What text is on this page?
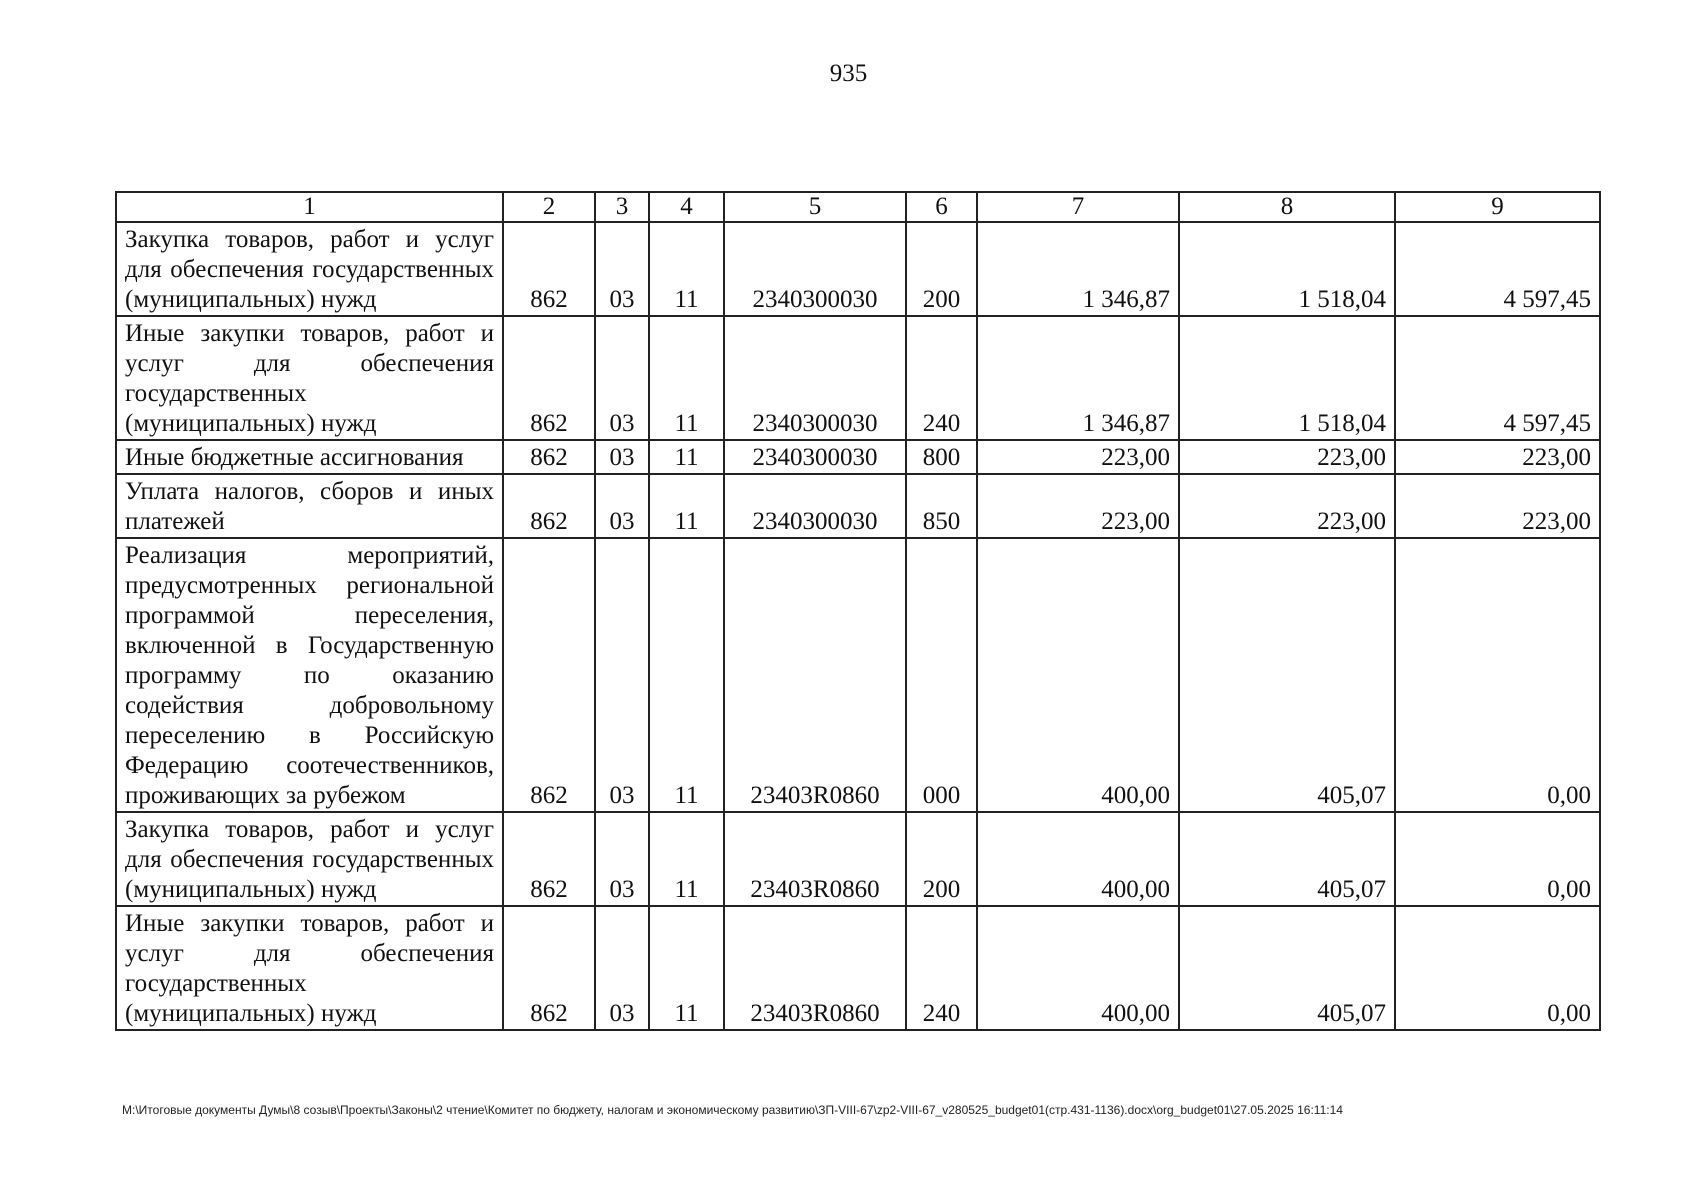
935
1	2	3	4	5	6	7	8	9
Закупка товаров, работ и услуг для обеспечения государственных (муниципальных) нужд	862	03	11	2340300030	200	1 346,87	1 518,04	4 597,45
Иные закупки товаров, работ и услуг для обеспечения государственных (муниципальных) нужд	862	03	11	2340300030	240	1 346,87	1 518,04	4 597,45
Иные бюджетные ассигнования	862	03	11	2340300030	800	223,00	223,00	223,00
Уплата налогов, сборов и иных платежей	862	03	11	2340300030	850	223,00	223,00	223,00
Реализация мероприятий, предусмотренных региональной программой переселения, включенной в Государственную программу по оказанию содействия добровольному переселению в Российскую Федерацию соотечественников, проживающих за рубежом	862	03	11	23403R0860	000	400,00	405,07	0,00
Закупка товаров, работ и услуг для обеспечения государственных (муниципальных) нужд	862	03	11	23403R0860	200	400,00	405,07	0,00
Иные закупки товаров, работ и услуг для обеспечения государственных (муниципальных) нужд	862	03	11	23403R0860	240	400,00	405,07	0,00
М:\Итоговые документы Думы\8 созыв\Проекты\Законы\2 чтение\Комитет по бюджету, налогам и экономическому развитию\ЗП-VIII-67\zp2-VIII-67_v280525_budget01(стр.431-1136).docx\org_budget01\27.05.2025 16:11:14
